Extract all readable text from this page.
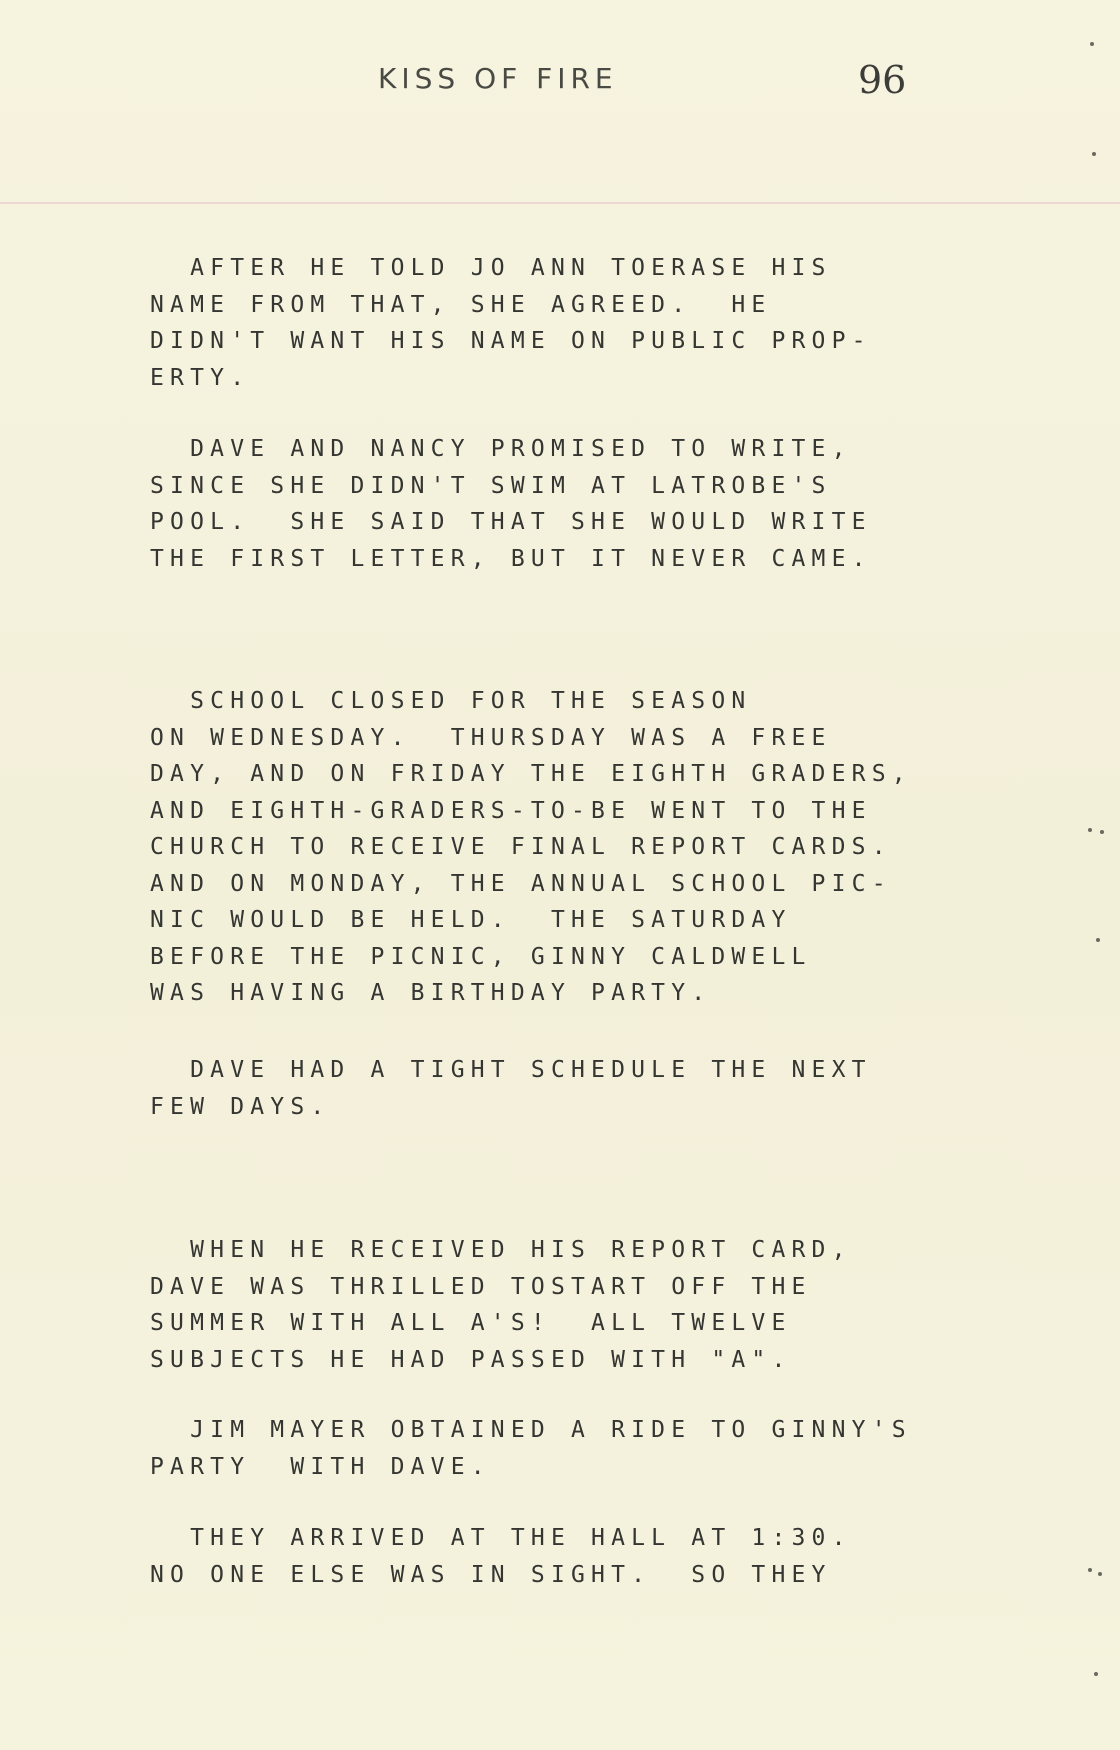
KISS OF FIRE	96
AFTER HE TOLD JO ANN TOERASE HIS
NAME FROM THAT, SHE AGREED.  HE
DIDN'T WANT HIS NAME ON PUBLIC PROP-
ERTY.
DAVE AND NANCY PROMISED TO WRITE,
SINCE SHE DIDN'T SWIM AT LATROBE'S
POOL.  SHE SAID THAT SHE WOULD WRITE
THE FIRST LETTER, BUT IT NEVER CAME.
SCHOOL CLOSED FOR THE SEASON
ON WEDNESDAY.  THURSDAY WAS A FREE
DAY, AND ON FRIDAY THE EIGHTH GRADERS,
AND EIGHTH-GRADERS-TO-BE WENT TO THE
CHURCH TO RECEIVE FINAL REPORT CARDS.
AND ON MONDAY, THE ANNUAL SCHOOL PIC-
NIC WOULD BE HELD.  THE SATURDAY
BEFORE THE PICNIC, GINNY CALDWELL
WAS HAVING A BIRTHDAY PARTY.
DAVE HAD A TIGHT SCHEDULE THE NEXT
FEW DAYS.
WHEN HE RECEIVED HIS REPORT CARD,
DAVE WAS THRILLED TOSTART OFF THE
SUMMER WITH ALL A'S!  ALL TWELVE
SUBJECTS HE HAD PASSED WITH "A".
JIM MAYER OBTAINED A RIDE TO GINNY'S
PARTY  WITH DAVE.
THEY ARRIVED AT THE HALL AT 1:30.
NO ONE ELSE WAS IN SIGHT.  SO THEY
